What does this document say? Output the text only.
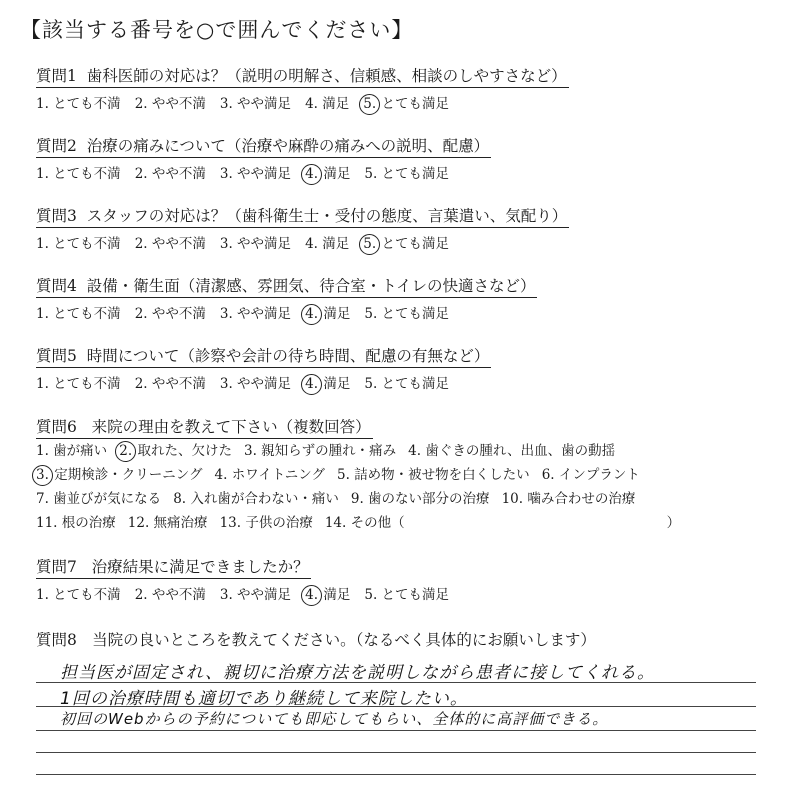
【該当する番号を○で囲んでください】
質問1 歯科医師の対応は？（説明の明解さ、信頼感、相談のしやすさなど）
1. とても不満 2. やや不満 3. やや満足 4. 満足 5. とても満足
質問2 治療の痛みについて（治療や麻酔の痛みへの説明、配慮）
1. とても不満 2. やや不満 3. やや満足 4. 満足 5. とても満足
質問3 スタッフの対応は？（歯科衛生士・受付の態度、言葉遣い、気配り）
1. とても不満 2. やや不満 3. やや満足 4. 満足 5. とても満足
質問4 設備・衛生面（清潔感、雰囲気、待合室・トイレの快適さなど）
1. とても不満 2. やや不満 3. やや満足 4. 満足 5. とても満足
質問5 時間について（診察や会計の待ち時間、配慮の有無など）
1. とても不満 2. やや不満 3. やや満足 4. 満足 5. とても満足
質問6 来院の理由を教えて下さい（複数回答）
1. 歯が痛い 2. 取れた、欠けた 3. 親知らずの腫れ・痛み 4. 歯ぐきの腫れ、出血、歯の動揺
3. 定期検診・クリーニング 4. ホワイトニング 5. 詰め物・被せ物を白くしたい 6. インプラント
7. 歯並びが気になる 8. 入れ歯が合わない・痛い 9. 歯のない部分の治療 10. 噛み合わせの治療
11. 根の治療 12. 無痛治療 13. 子供の治療 14. その他（	）
質問7 治療結果に満足できましたか？
1. とても不満 2. やや不満 3. やや満足 4. 満足 5. とても満足
質問8 当院の良いところを教えてください。（なるべく具体的にお願いします）
担当医が固定され、親切に治療方法を説明しながら患者に接してくれる。
1回の治療時間も適切であり継続して来院したい。
初回のWebからの予約についても即応してもらい、全体的に高評価できる。
